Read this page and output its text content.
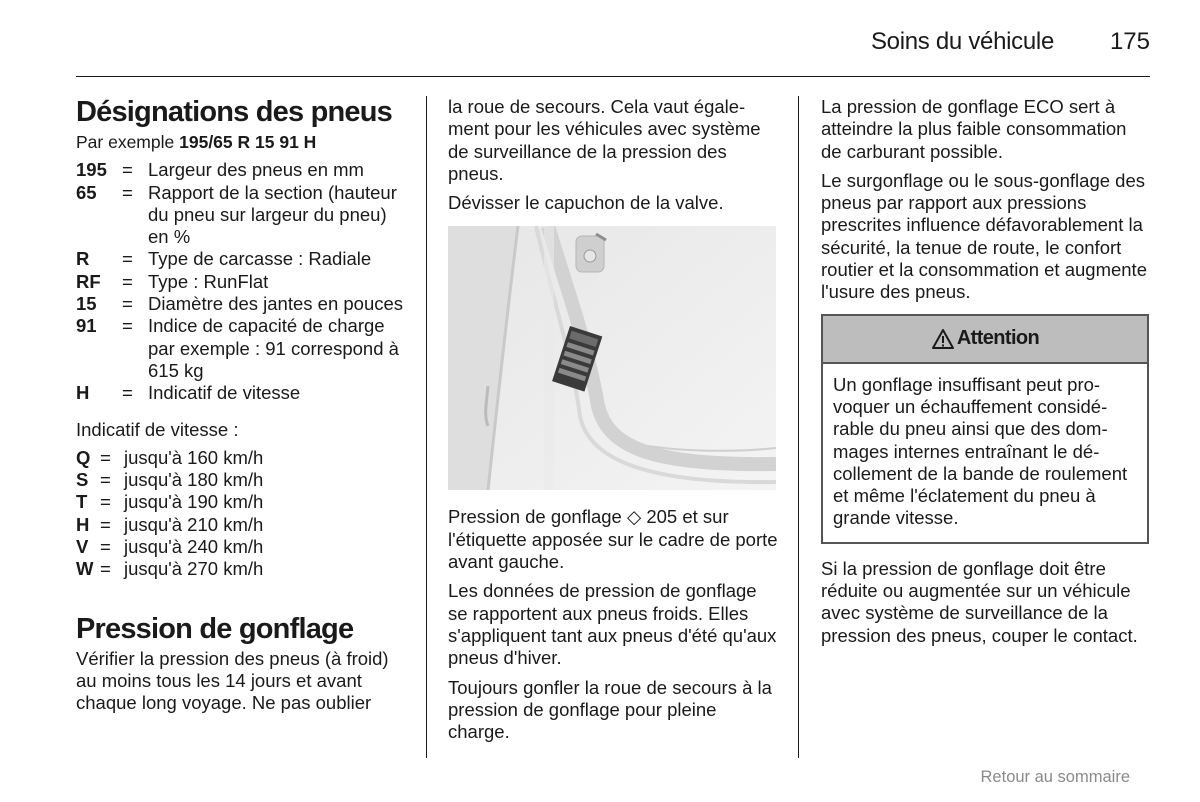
Soins du véhicule 175
Désignations des pneus

Par exemple 195/65 R 15 91 H

195 = Largeur des pneus en mm
65	= Rapport de la section (hauteur du pneu sur largeur du pneu) en %
R	= Type de carcasse : Radiale
RF	= Type : RunFlat
15	= Diamètre des jantes en pouces
91	= Indice de capacité de charge par exemple : 91 correspond à 615 kg
H	= Indicatif de vitesse

Indicatif de vitesse :

Q = jusqu'à 160 km/h
S = jusqu'à 180 km/h
T = jusqu'à 190 km/h
H = jusqu'à 210 km/h
V = jusqu'à 240 km/h
W = jusqu'à 270 km/h
Pression de gonflage

Vérifier la pression des pneus (à froid) au moins tous les 14 jours et avant chaque long voyage. Ne pas oublier

la roue de secours. Cela vaut également pour les véhicules avec système de surveillance de la pression des pneus.

Dévisser le capuchon de la valve.

Pression de gonflage ◇ 205 et sur l'étiquette apposée sur le cadre de porte avant gauche.

Les données de pression de gonflage se rapportent aux pneus froids. Elles s'appliquent tant aux pneus d'été qu'aux pneus d'hiver.

Toujours gonfler la roue de secours à la pression de gonflage pour pleine charge.

La pression de gonflage ECO sert à atteindre la plus faible consommation de carburant possible.

Le surgonflage ou le sous-gonflage des pneus par rapport aux pressions prescrites influence défavorablement la sécurité, la tenue de route, le confort routier et la consommation et augmente l'usure des pneus.

Attention

Un gonflage insuffisant peut provoquer un échauffement considérable du pneu ainsi que des dommages internes entraînant le décollement de la bande de roulement et même l'éclatement du pneu à grande vitesse.

Si la pression de gonflage doit être réduite ou augmentée sur un véhicule avec système de surveillance de la pression des pneus, couper le contact.

Retour au sommaire
